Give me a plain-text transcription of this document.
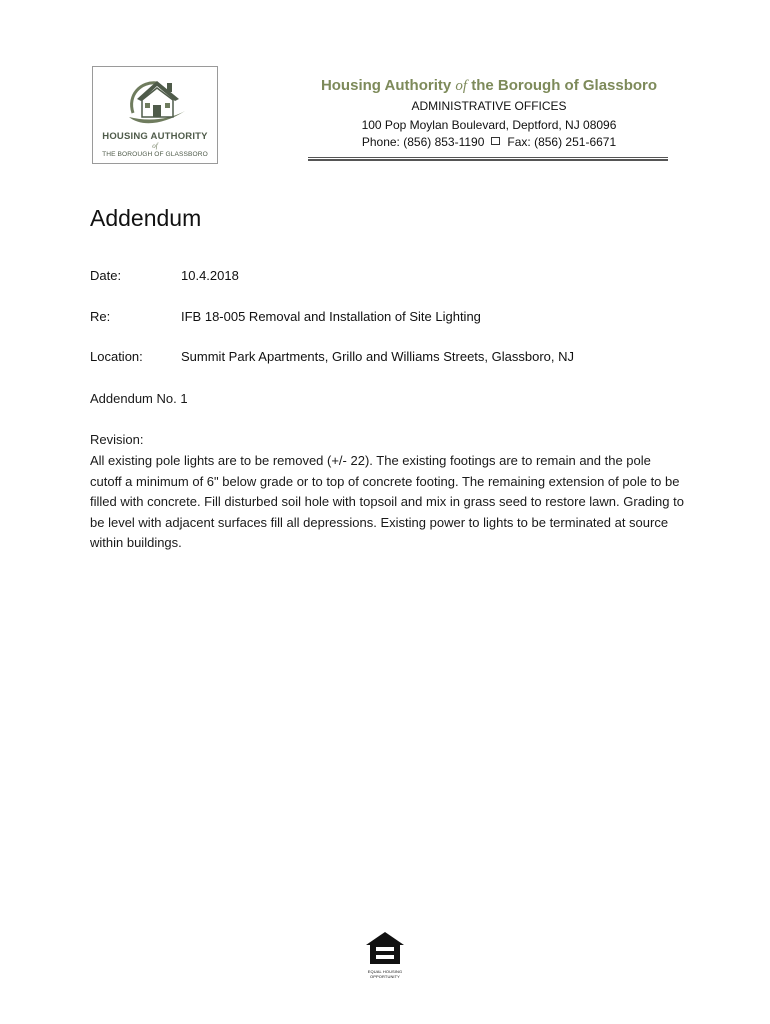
HOUSING AUTHORITY
of
THE BOROUGH OF GLASSBORO
Housing Authority of the Borough of Glassboro
ADMINISTRATIVE OFFICES
100 Pop Moylan Boulevard, Deptford, NJ 08096
Phone: (856) 853-1190 Fax: (856) 251-6671
Addendum
Date:	10.4.2018
Re:	IFB 18-005 Removal and Installation of Site Lighting
Location:	Summit Park Apartments, Grillo and Williams Streets, Glassboro, NJ
Addendum No. 1
Revision:
All existing pole lights are to be removed (+/- 22). The existing footings are to remain and the pole cutoff a minimum of 6" below grade or to top of concrete footing. The remaining extension of pole to be filled with concrete. Fill disturbed soil hole with topsoil and mix in grass seed to restore lawn. Grading to be level with adjacent surfaces fill all depressions. Existing power to lights to be terminated at source within buildings.
EQUAL HOUSING
OPPORTUNITY
